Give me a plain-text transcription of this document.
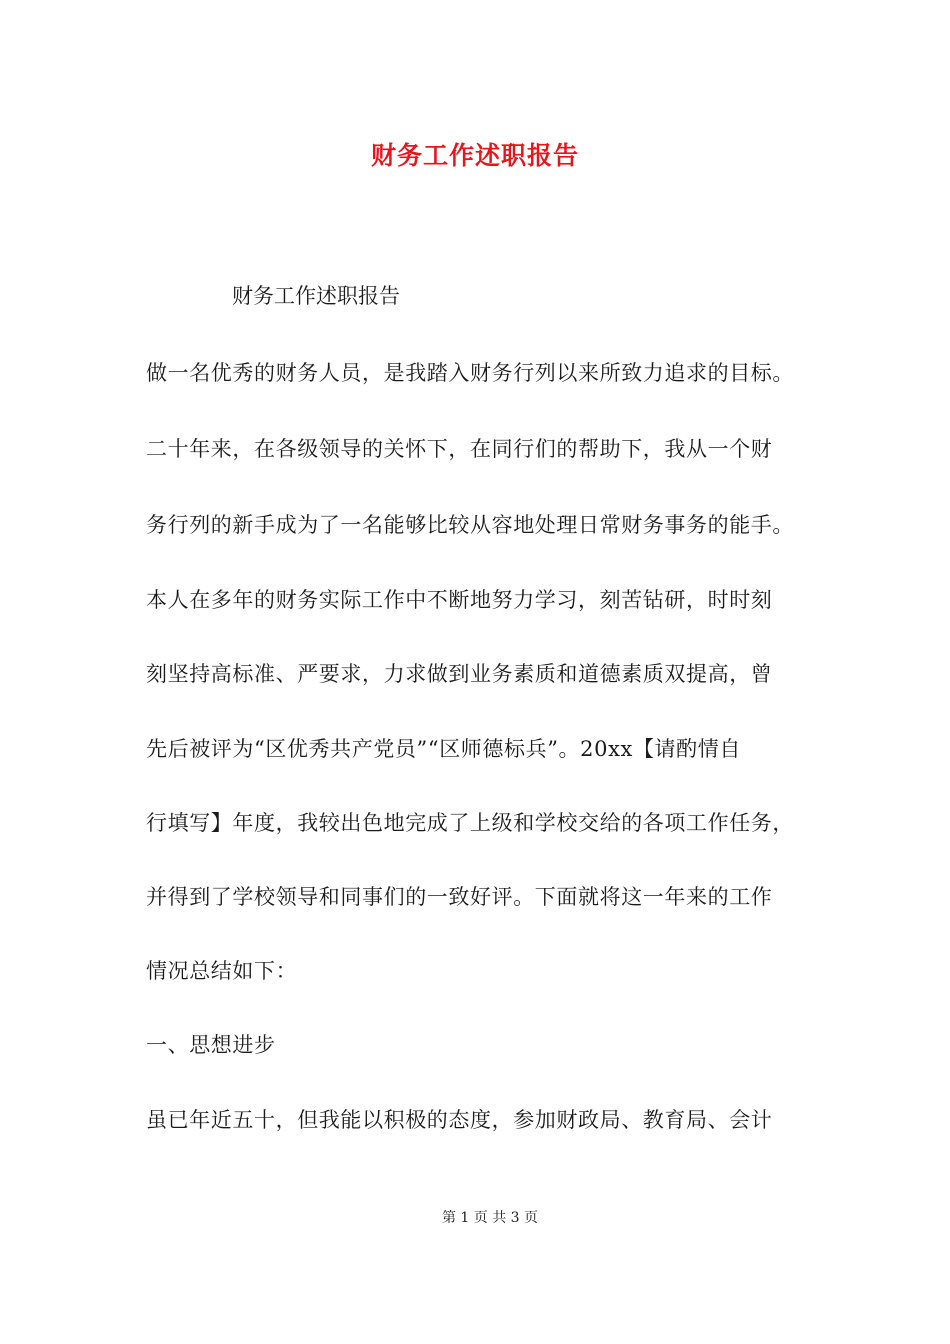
财务工作述职报告
财务工作述职报告
做一名优秀的财务人员，是我踏入财务行列以来所致力追求的目标。
二十年来，在各级领导的关怀下，在同行们的帮助下，我从一个财
务行列的新手成为了一名能够比较从容地处理日常财务事务的能手。
本人在多年的财务实际工作中不断地努力学习，刻苦钻研，时时刻
刻坚持高标准、严要求，力求做到业务素质和道德素质双提高，曾
先后被评为“区优秀共产党员”“区师德标兵”。20xx【请酌情自
行填写】年度，我较出色地完成了上级和学校交给的各项工作任务，
并得到了学校领导和同事们的一致好评。下面就将这一年来的工作
情况总结如下：
一、思想进步
虽已年近五十，但我能以积极的态度，参加财政局、教育局、会计
第 1 页 共 3 页
